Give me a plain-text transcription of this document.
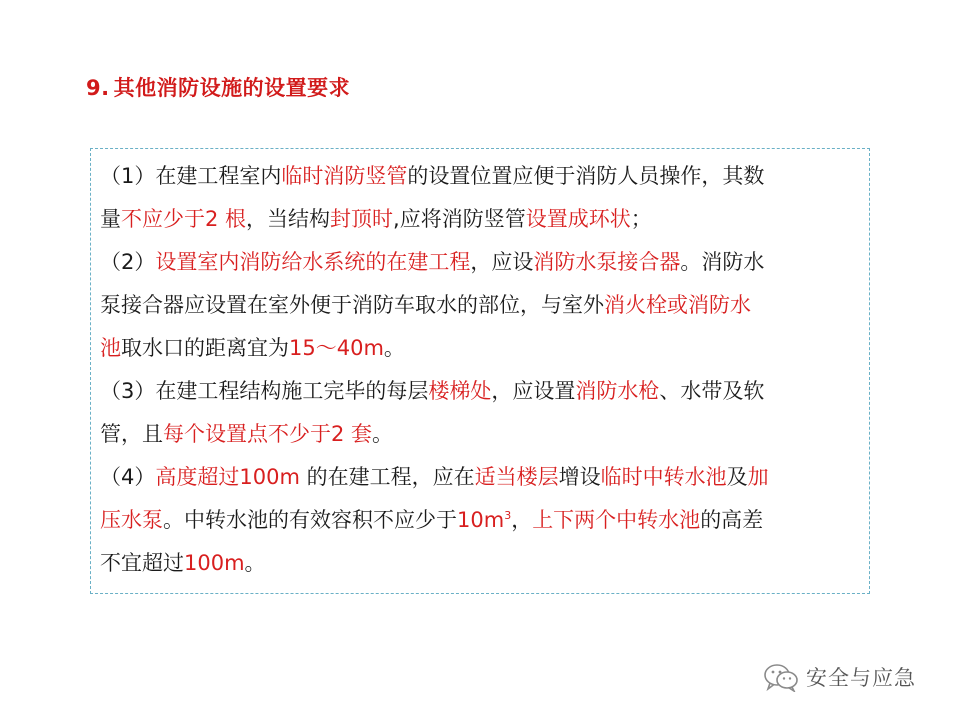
9. 其他消防设施的设置要求
（1）在建工程室内临时消防竖管的设置位置应便于消防人员操作，其数
量不应少于2 根，当结构封顶时,应将消防竖管设置成环状；
（2）设置室内消防给水系统的在建工程，应设消防水泵接合器。消防水
泵接合器应设置在室外便于消防车取水的部位，与室外消火栓或消防水
池取水口的距离宜为15～40m。
（3）在建工程结构施工完毕的每层楼梯处，应设置消防水枪、水带及软
管，且每个设置点不少于2 套。
（4）高度超过100m 的在建工程，应在适当楼层增设临时中转水池及加
压水泵。中转水池的有效容积不应少于$10m^3$，上下两个中转水池的高差
不宜超过100m。
安全与应急
